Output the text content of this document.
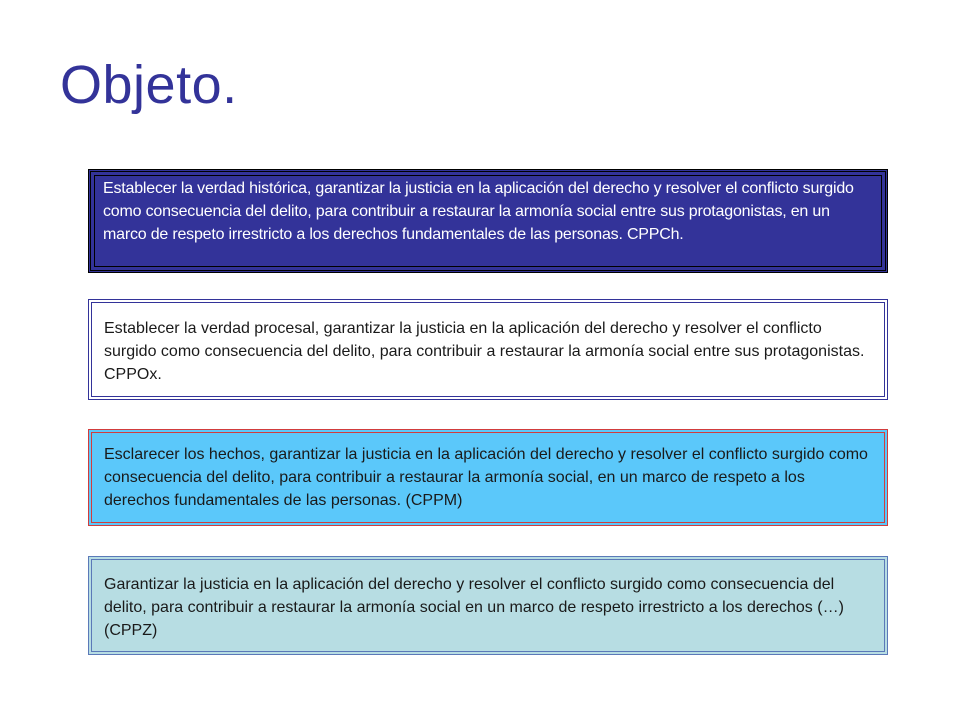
Objeto.

Establecer la verdad histórica, garantizar la justicia en la aplicación del derecho y resolver el conflicto surgido como consecuencia del delito, para contribuir a restaurar la armonía social entre sus protagonistas, en un marco de respeto irrestricto a los derechos fundamentales de las personas. CPPCh.

Establecer la verdad procesal, garantizar la justicia en la aplicación del derecho y resolver el conflicto surgido como consecuencia del delito, para contribuir a restaurar la armonía social entre sus protagonistas. CPPOx.

Esclarecer los hechos, garantizar la justicia en la aplicación del derecho y resolver el conflicto surgido como consecuencia del delito, para contribuir a restaurar la armonía social, en un marco de respeto a los derechos fundamentales de las personas. (CPPM)

Garantizar la justicia en la aplicación del derecho y resolver el conflicto surgido como consecuencia del delito, para contribuir a restaurar la armonía social en un marco de respeto irrestricto a los derechos (…) (CPPZ)
